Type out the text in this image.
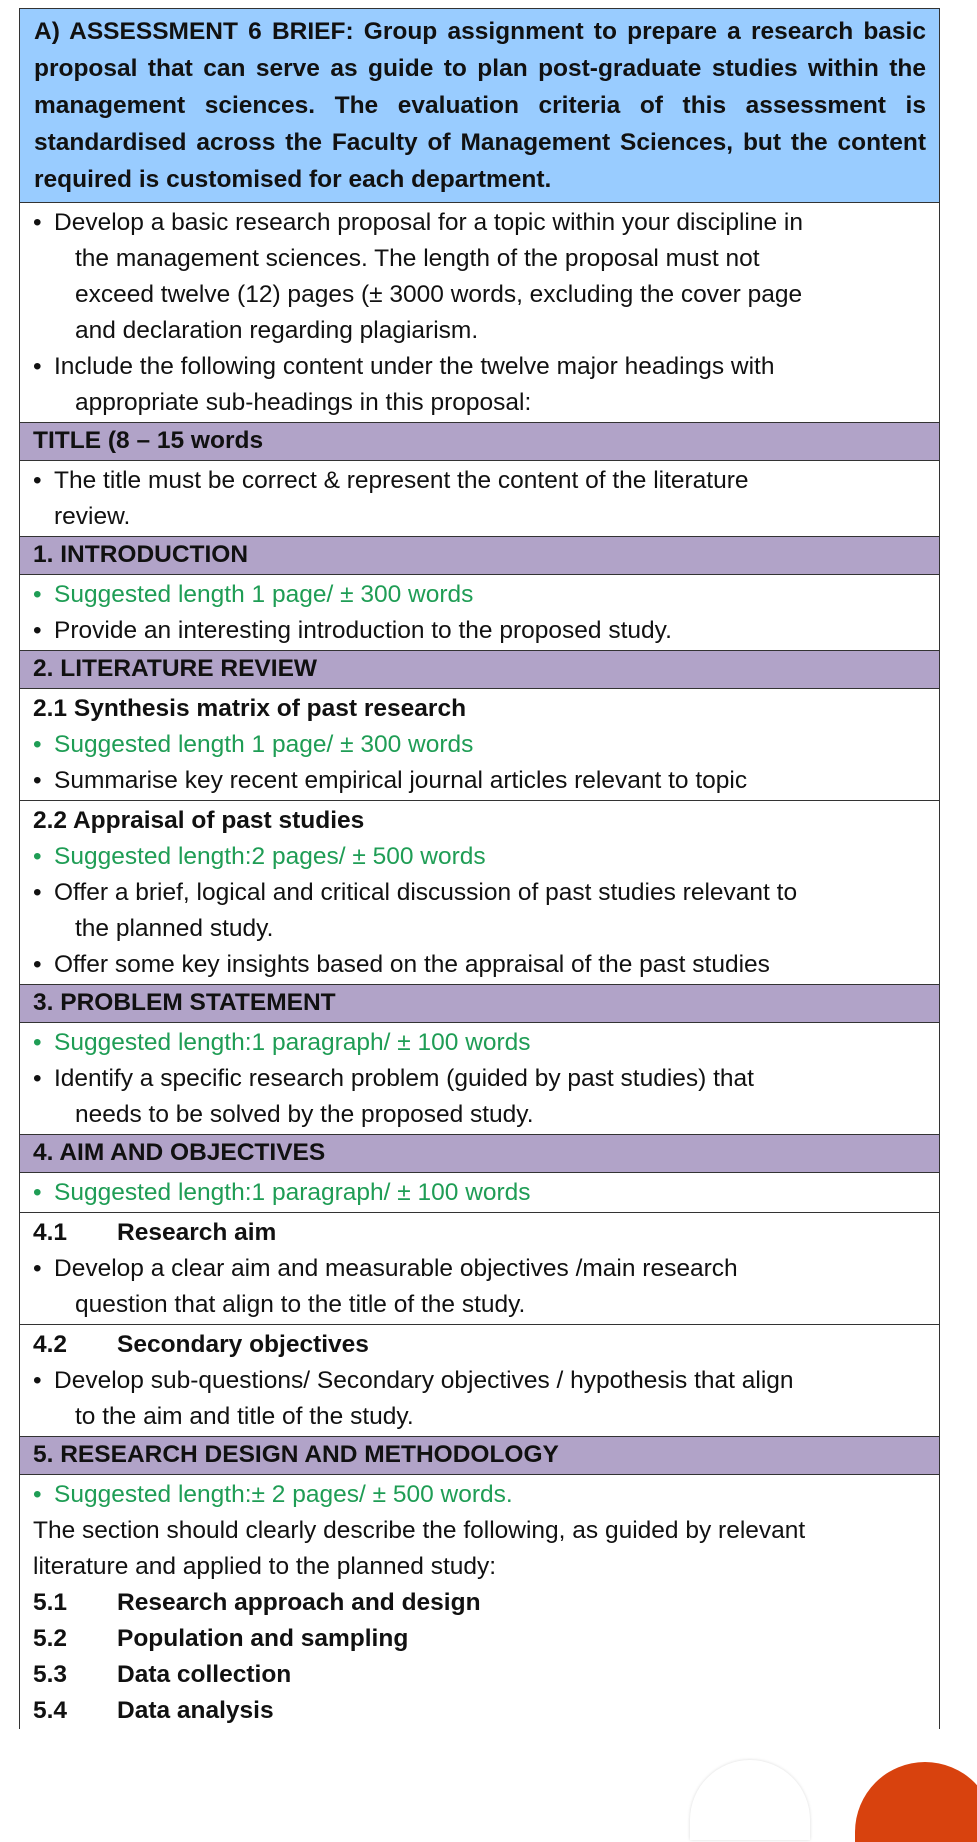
A) ASSESSMENT 6 BRIEF: Group assignment to prepare a research basic proposal that can serve as guide to plan post-graduate studies within the management sciences. The evaluation criteria of this assessment is standardised across the Faculty of Management Sciences, but the content required is customised for each department.
• Develop a basic research proposal for a topic within your discipline in
the management sciences. The length of the proposal must not
exceed twelve (12) pages (± 3000 words, excluding the cover page
and declaration regarding plagiarism.
• Include the following content under the twelve major headings with
appropriate sub-headings in this proposal:
TITLE (8 – 15 words
• The title must be correct & represent the content of the literature
review.
1. INTRODUCTION
• Suggested length 1 page/ ± 300 words
• Provide an interesting introduction to the proposed study.
2. LITERATURE REVIEW
2.1 Synthesis matrix of past research
• Suggested length 1 page/ ± 300 words
• Summarise key recent empirical journal articles relevant to topic
2.2 Appraisal of past studies
• Suggested length:2 pages/ ± 500 words
• Offer a brief, logical and critical discussion of past studies relevant to
the planned study.
• Offer some key insights based on the appraisal of the past studies
3. PROBLEM STATEMENT
• Suggested length:1 paragraph/ ± 100 words
• Identify a specific research problem (guided by past studies) that
needs to be solved by the proposed study.
4. AIM AND OBJECTIVES
• Suggested length:1 paragraph/ ± 100 words
4.1 Research aim
• Develop a clear aim and measurable objectives /main research
question that align to the title of the study.
4.2 Secondary objectives
• Develop sub-questions/ Secondary objectives / hypothesis that align
to the aim and title of the study.
5. RESEARCH DESIGN AND METHODOLOGY
• Suggested length:± 2 pages/ ± 500 words.
The section should clearly describe the following, as guided by relevant
literature and applied to the planned study:
5.1 Research approach and design
5.2 Population and sampling
5.3 Data collection
5.4 Data analysis
